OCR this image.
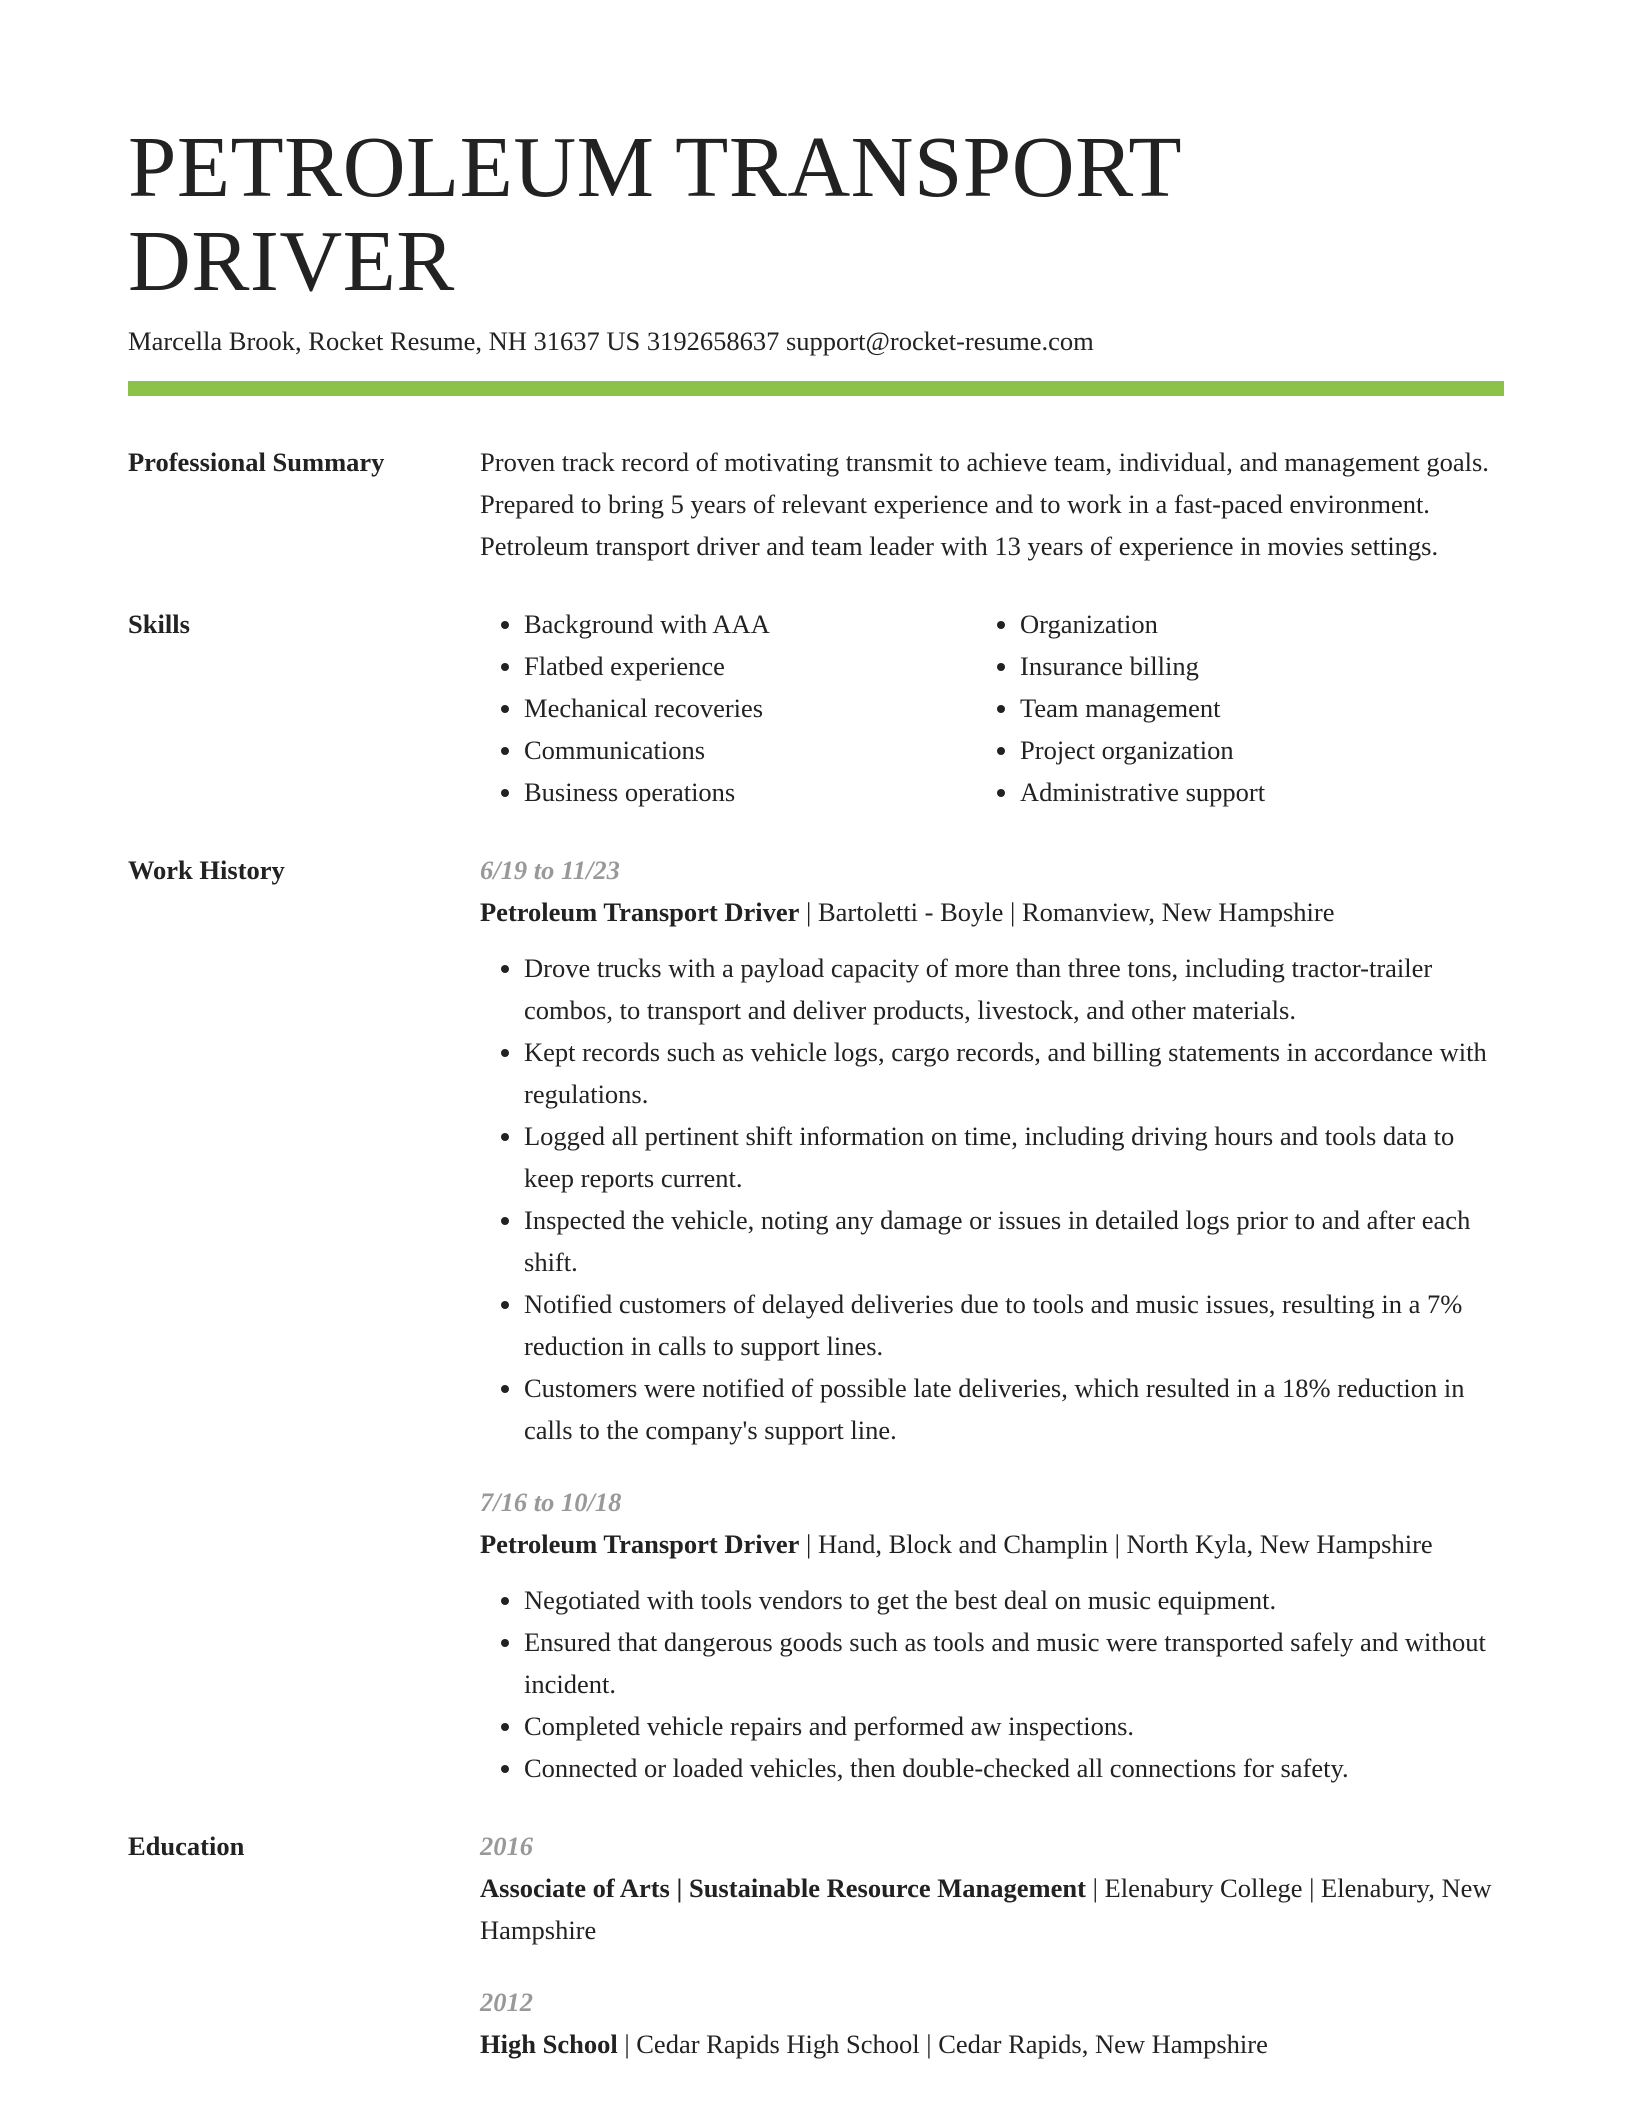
PETROLEUM TRANSPORT DRIVER
Marcella Brook, Rocket Resume, NH 31637 US 3192658637 support@rocket-resume.com
Professional Summary	Proven track record of motivating transmit to achieve team, individual, and management goals. Prepared to bring 5 years of relevant experience and to work in a fast-paced environment. Petroleum transport driver and team leader with 13 years of experience in movies settings.

Skills
•	Background with AAA
• Flatbed experience
• Mechanical recoveries
• Communications
• Business operations
• Organization
• Insurance billing
• Team management
• Project organization
• Administrative support
Work History	6/19 to 11/23
Petroleum Transport Driver | Bartoletti - Boyle | Romanview, New Hampshire
• Drove trucks with a payload capacity of more than three tons, including tractor-trailer combos, to transport and deliver products, livestock, and other materials.
• Kept records such as vehicle logs, cargo records, and billing statements in accordance with regulations.
• Logged all pertinent shift information on time, including driving hours and tools data to keep reports current.
• Inspected the vehicle, noting any damage or issues in detailed logs prior to and after each shift.
• Notified customers of delayed deliveries due to tools and music issues, resulting in a 7% reduction in calls to support lines.
• Customers were notified of possible late deliveries, which resulted in a 18% reduction in calls to the company's support line.
7/16 to 10/18
Petroleum Transport Driver | Hand, Block and Champlin | North Kyla, New Hampshire
• Negotiated with tools vendors to get the best deal on music equipment.
• Ensured that dangerous goods such as tools and music were transported safely and without incident.
• Completed vehicle repairs and performed aw inspections.
• Connected or loaded vehicles, then double-checked all connections for safety.
Education	2016
Associate of Arts | Sustainable Resource Management | Elenabury College | Elenabury, New Hampshire
2012
High School | Cedar Rapids High School | Cedar Rapids, New Hampshire
